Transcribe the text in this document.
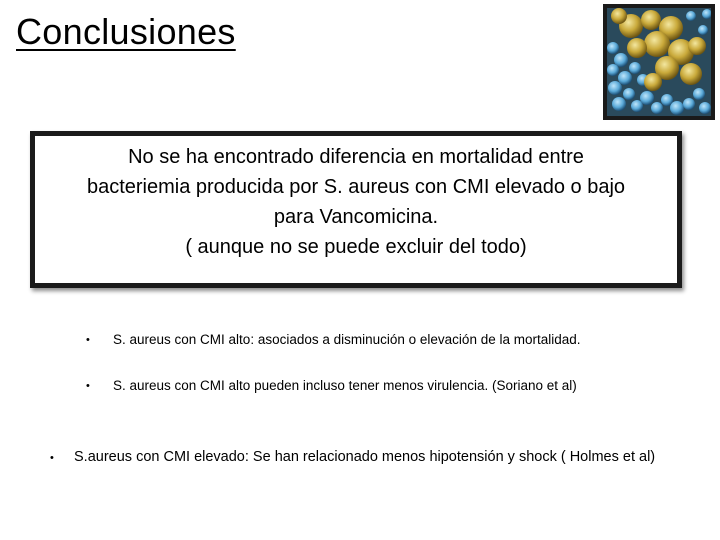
Conclusiones
No se ha encontrado diferencia en mortalidad entre
bacteriemia producida por S. aureus con CMI elevado o bajo
para Vancomicina.
( aunque no se puede excluir del todo)
• S. aureus con CMI alto: asociados a disminución o elevación de la mortalidad.
• S. aureus con CMI alto pueden incluso tener menos virulencia. (Soriano et al)
• S.aureus con CMI elevado: Se han relacionado menos hipotensión y shock ( Holmes et al)
